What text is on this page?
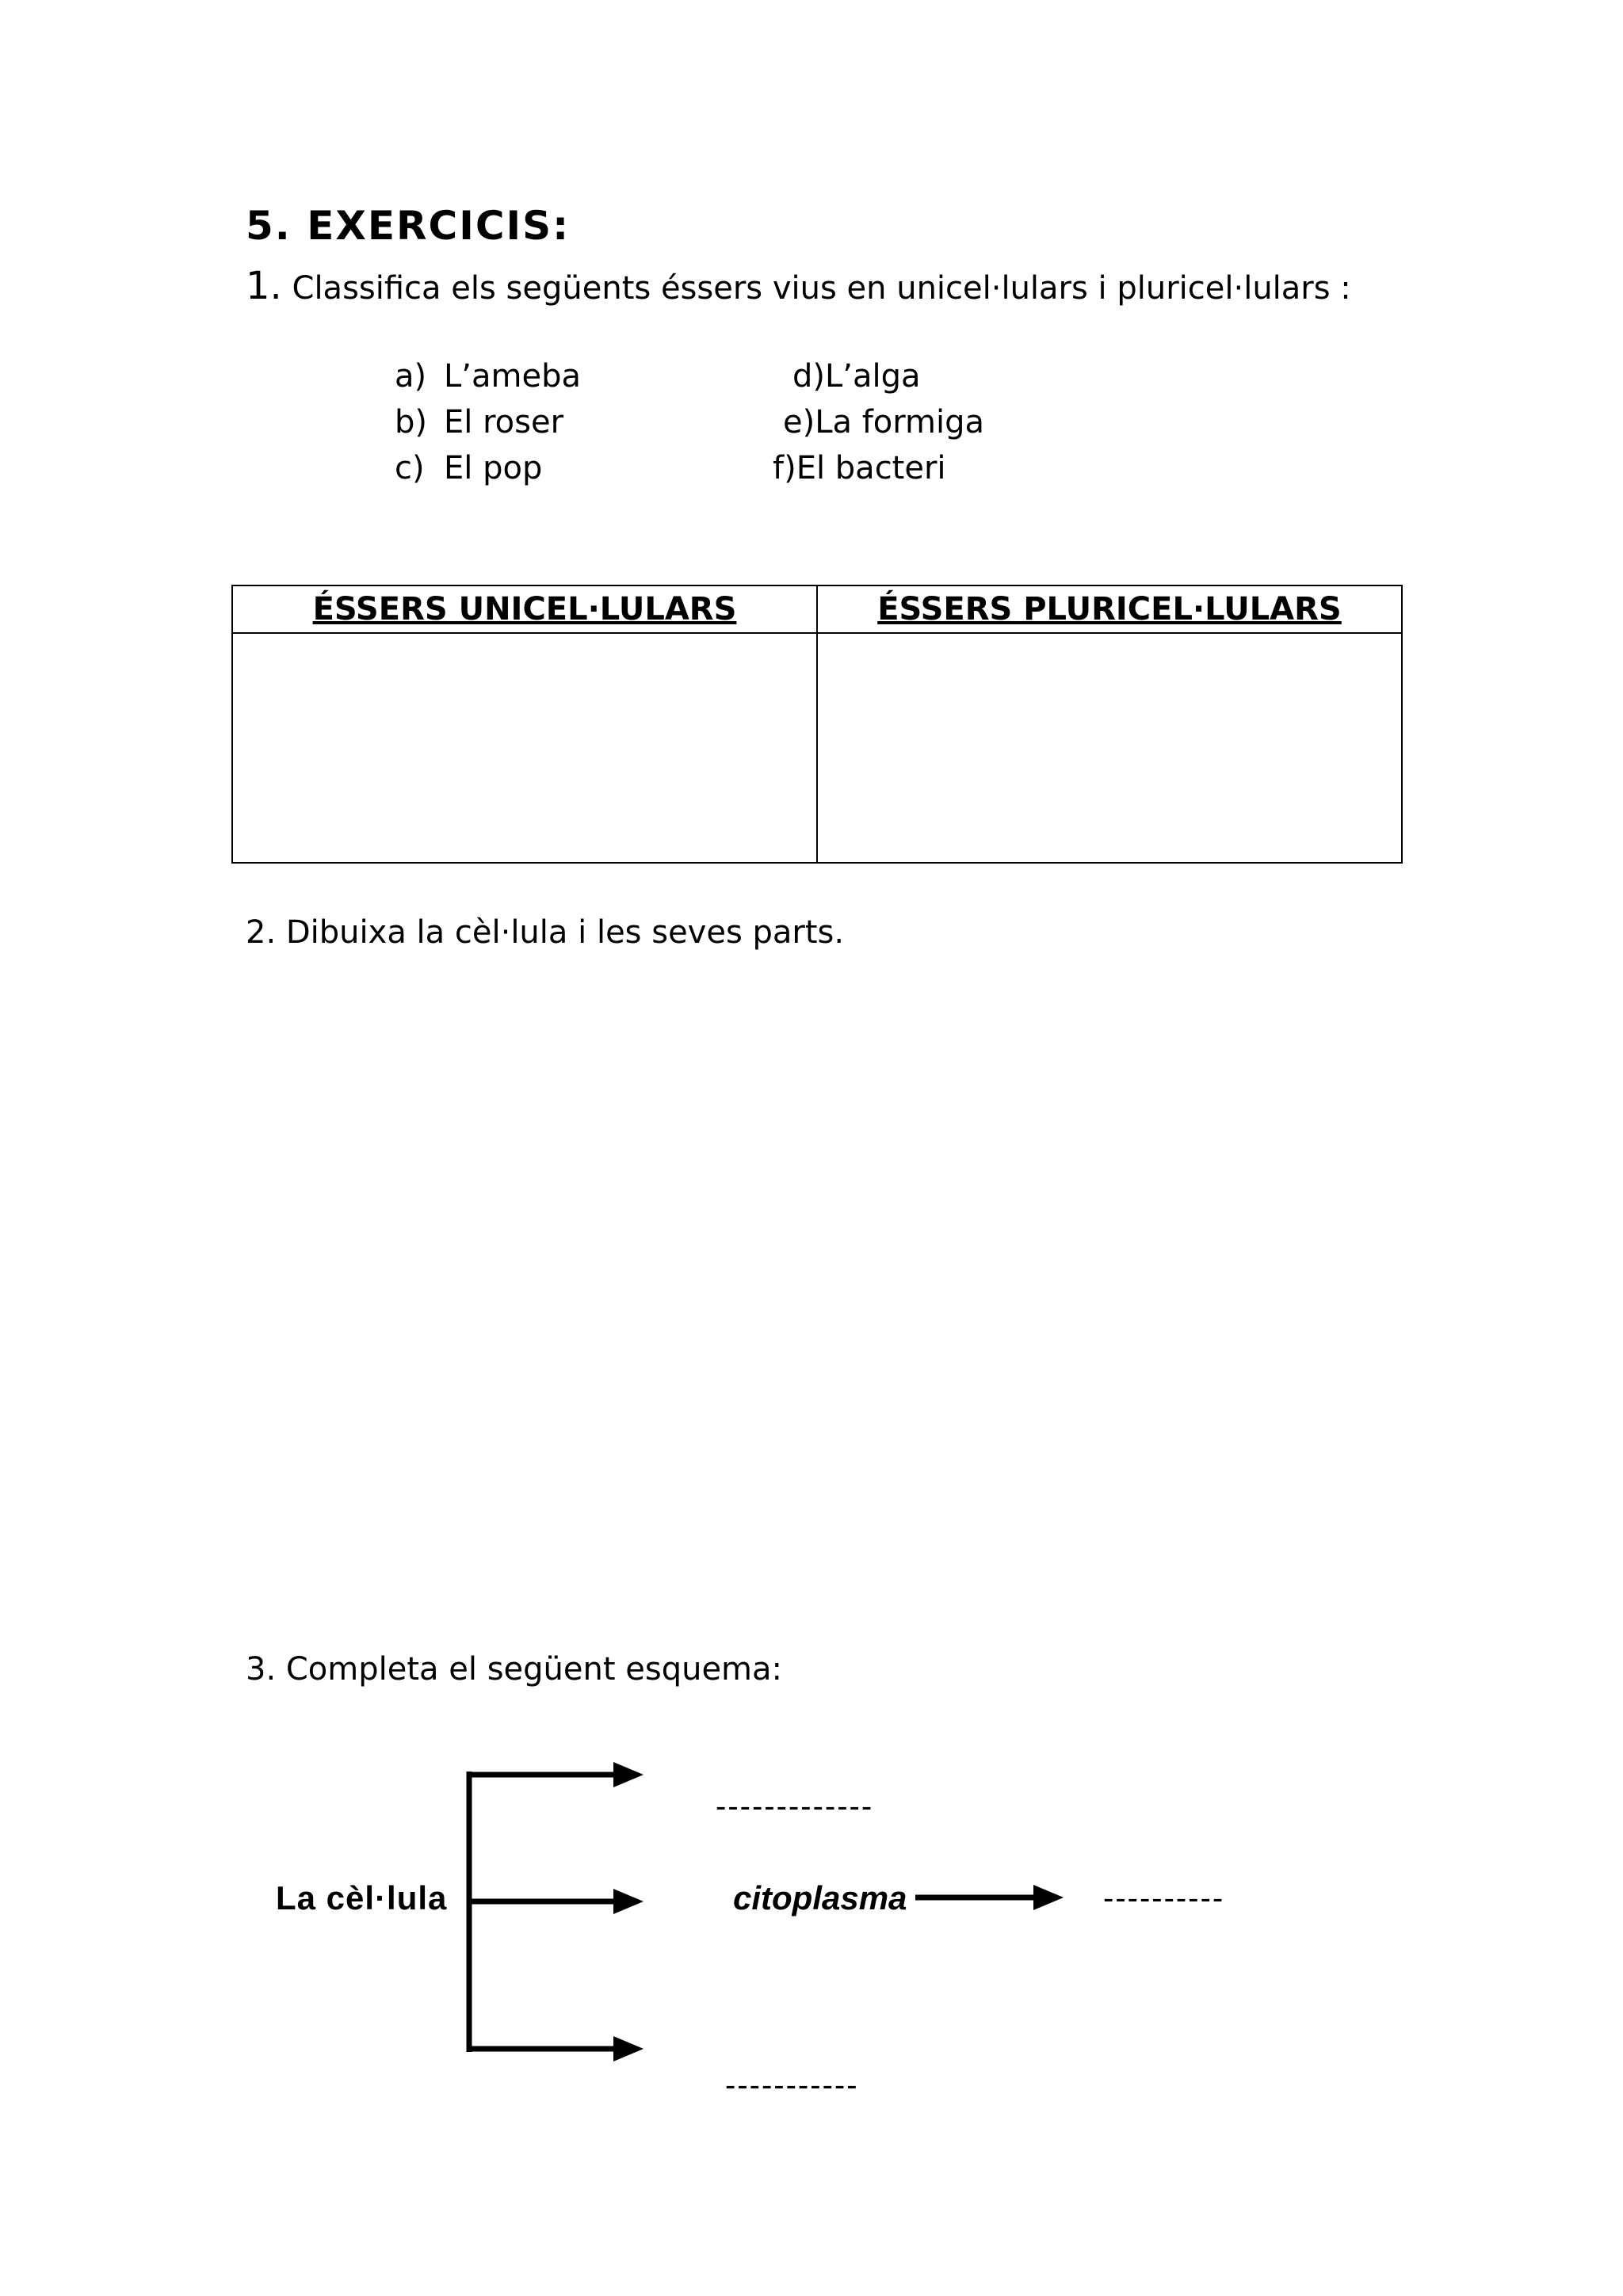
5. EXERCICIS:
1. Classifica els següents éssers vius en unicel·lulars i pluricel·lulars :
a) L’ameba
b) El roser
c) El pop
d)L’alga
e)La formiga
f)El bacteri
ÉSSERS UNICEL·LULARS	ÉSSERS PLURICEL·LULARS

2. Dibuixa la cèl·lula i les seves parts.
3. Completa el següent esquema:
-------------
La cèl·lula	citoplasma	----------
-----------
